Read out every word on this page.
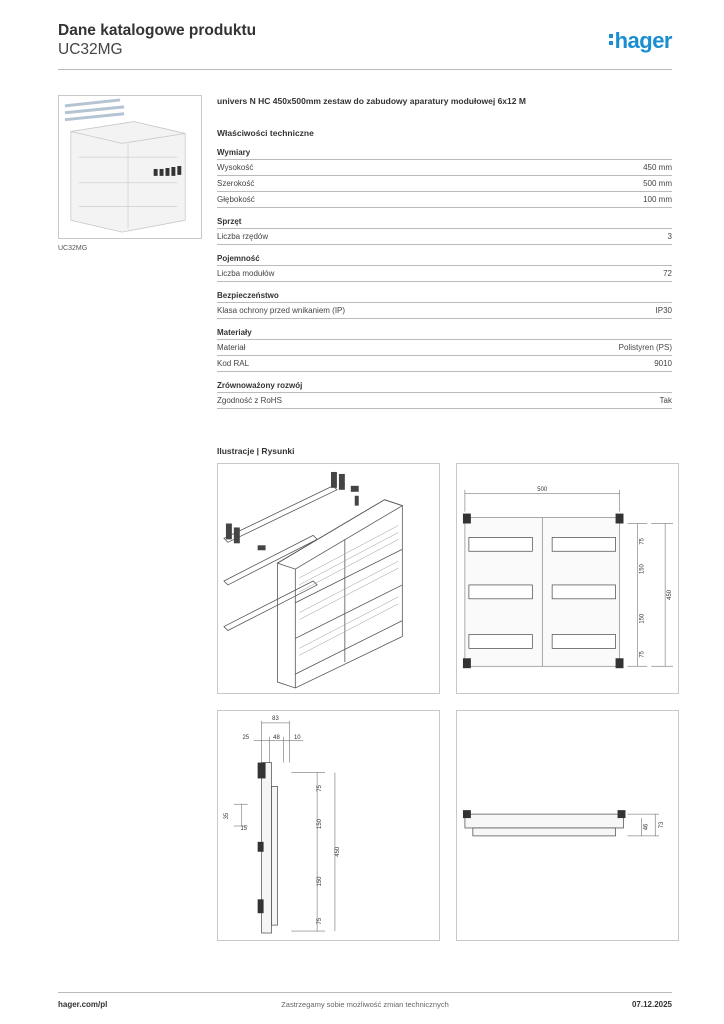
Dane katalogowe produktu
UC32MG	hager
UC32MG
univers N HC 450x500mm zestaw do zabudowy aparatury modułowej 6x12 M
Właściwości techniczne
Wymiary
Wysokość	450 mm
Szerokość	500 mm
Głębokość	100 mm
Sprzęt
Liczba rzędów	3
Pojemność
Liczba modułów	72
Bezpieczeństwo
Klasa ochrony przed wnikaniem (IP)	IP30
Materiały
Materiał	Polistyren (PS)
Kod RAL	9010
Zrównoważony rozwój
Zgodność z RoHS	Tak
Ilustracje | Rysunki
500
75
150
150
75
450
83
25	48 10
35
15
75
150
150
75
450
46 73
hager.com/pl	Zastrzegamy sobie możliwość zmian technicznych	07.12.2025
